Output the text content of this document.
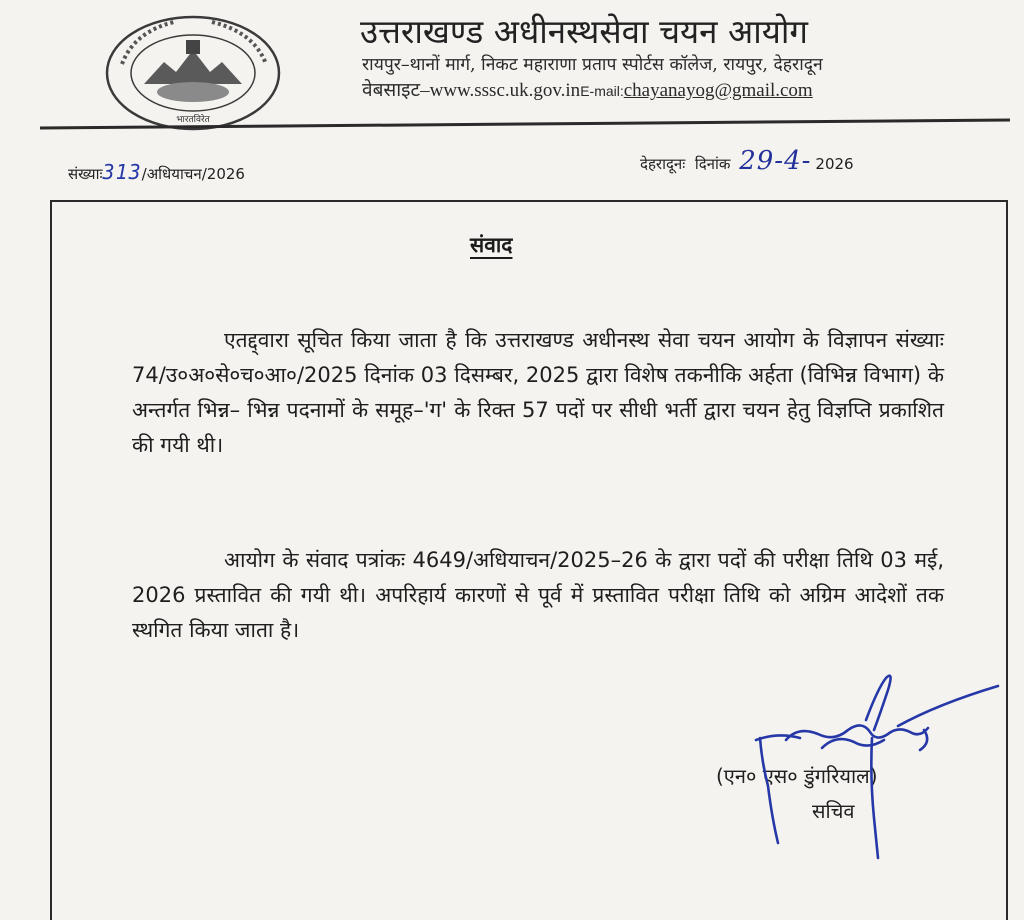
भारतविरेत
उत्तराखण्ड अधीनस्थसेवा चयन आयोग
रायपुर–थानों मार्ग, निकट महाराणा प्रताप स्पोर्टस कॉलेज, रायपुर, देहरादून
वेबसाइट–www.sssc.uk.gov.inE-mail:chayanayog@gmail.com
संख्याः313/अधियाचन/2026
देहरादूनः दिनांक 29-4- 2026
संवाद

एतद्द्वारा सूचित किया जाता है कि उत्तराखण्ड अधीनस्थ सेवा चयन आयोग के विज्ञापन संख्याः 74/उ०अ०से०च०आ०/2025 दिनांक 03 दिसम्बर, 2025 द्वारा विशेष तकनीकि अर्हता (विभिन्न विभाग) के अन्तर्गत भिन्न– भिन्न पदनामों के समूह–'ग' के रिक्त 57 पदों पर सीधी भर्ती द्वारा चयन हेतु विज्ञप्ति प्रकाशित की गयी थी।

आयोग के संवाद पत्रांकः 4649/अधियाचन/2025–26 के द्वारा पदों की परीक्षा तिथि 03 मई, 2026 प्रस्तावित की गयी थी। अपरिहार्य कारणों से पूर्व में प्रस्तावित परीक्षा तिथि को अग्रिम आदेशों तक स्थगित किया जाता है।

(एन० एस० डुंगरियाल)
सचिव
